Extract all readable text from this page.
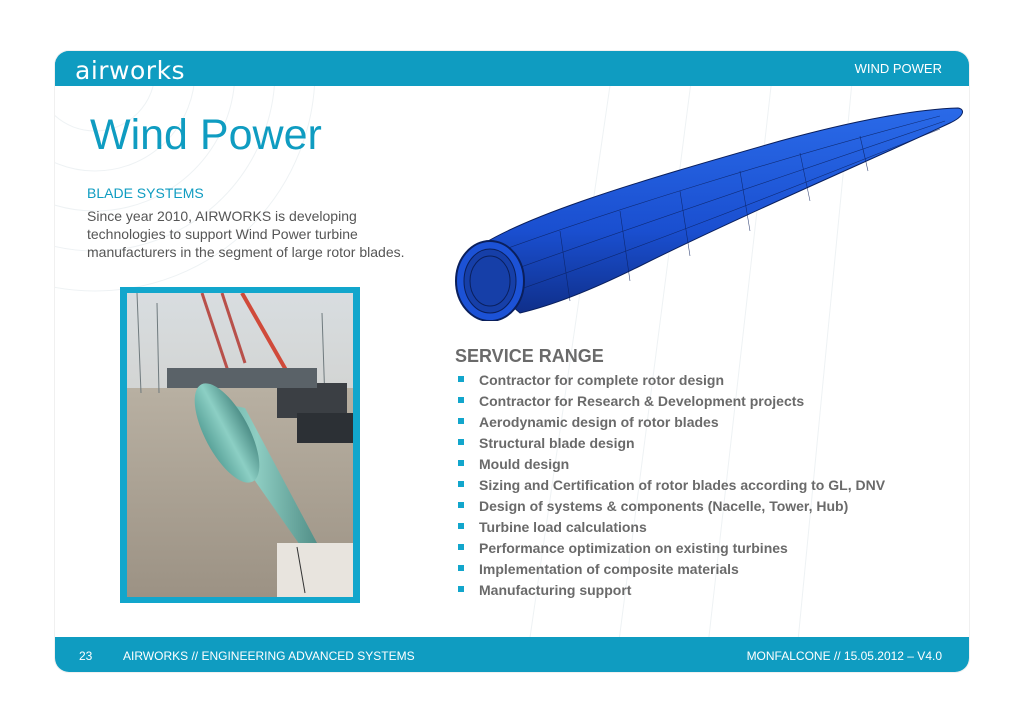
airworks	WIND POWER
Wind Power
BLADE SYSTEMS
Since year 2010, AIRWORKS is developing technologies to support Wind Power turbine manufacturers in the segment of large rotor blades.
SERVICE RANGE
Contractor for complete rotor design
Contractor for Research & Development projects
Aerodynamic design of rotor blades
Structural blade design
Mould design
Sizing and Certification of rotor blades according to GL, DNV
Design of systems & components (Nacelle, Tower, Hub)
Turbine load calculations
Performance optimization on existing turbines
Implementation of composite materials
Manufacturing support
23	AIRWORKS // ENGINEERING ADVANCED SYSTEMS	MONFALCONE // 15.05.2012 – V4.0
